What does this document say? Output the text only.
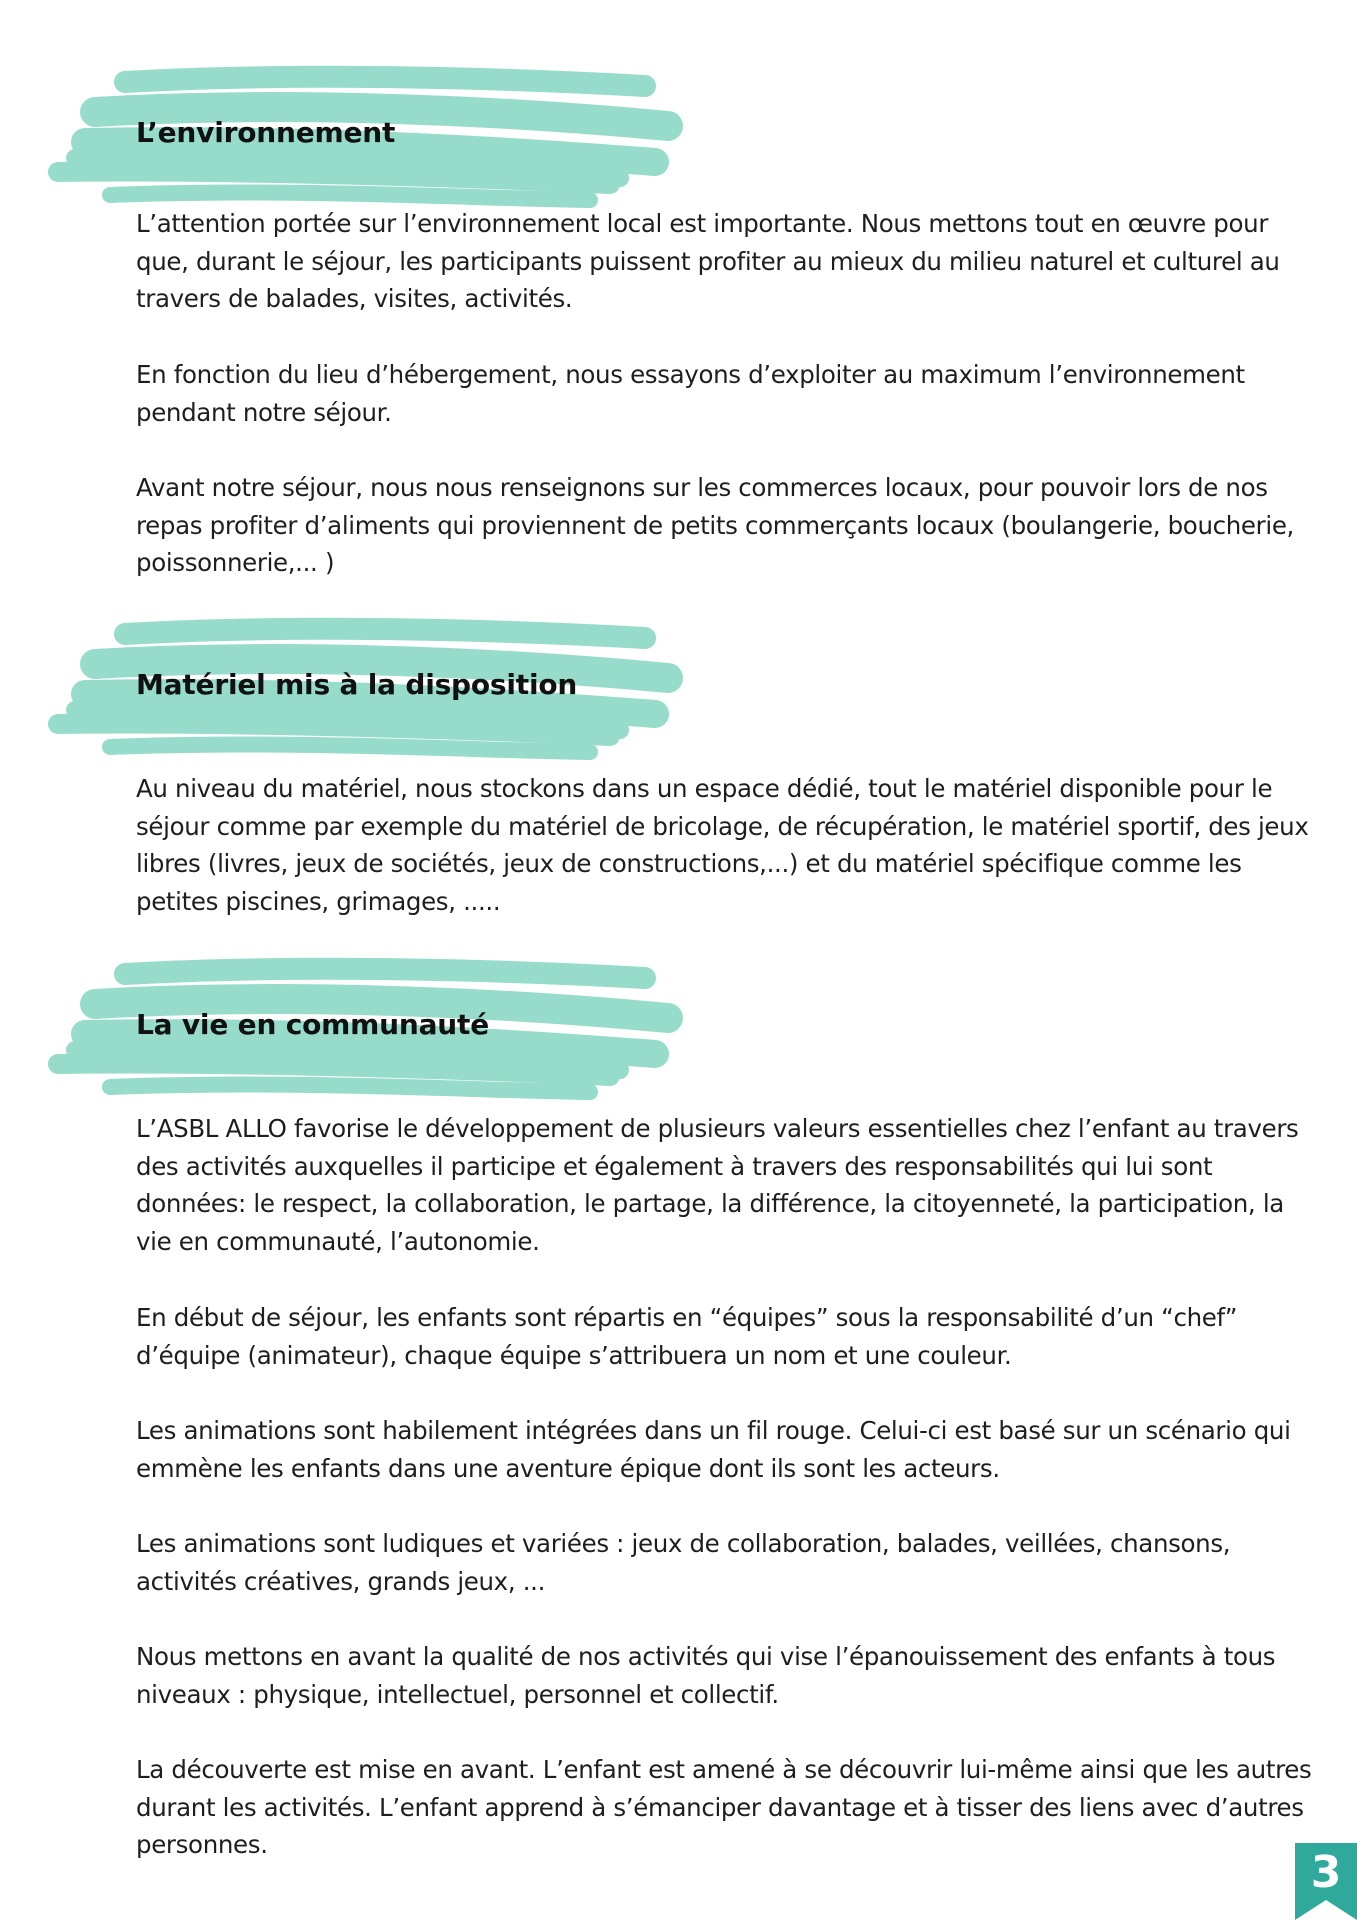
L’environnement

L’attention portée sur l’environnement local est importante. Nous mettons tout en œuvre pour que, durant le séjour, les participants puissent profiter au mieux du milieu naturel et culturel au travers de balades, visites, activités.

En fonction du lieu d’hébergement, nous essayons d’exploiter au maximum l’environnement pendant notre séjour.

Avant notre séjour, nous nous renseignons sur les commerces locaux, pour pouvoir lors de nos repas profiter d’aliments qui proviennent de petits commerçants locaux (boulangerie, boucherie, poissonnerie,... )

Matériel mis à la disposition

Au niveau du matériel, nous stockons dans un espace dédié, tout le matériel disponible pour le séjour comme par exemple du matériel de bricolage, de récupération, le matériel sportif, des jeux libres (livres, jeux de sociétés, jeux de constructions,...) et du matériel spécifique comme les petites piscines, grimages, .....

La vie en communauté

L’ASBL ALLO favorise le développement de plusieurs valeurs essentielles chez l’enfant au travers des activités auxquelles il participe et également à travers des responsabilités qui lui sont données: le respect, la collaboration, le partage, la différence, la citoyenneté, la participation, la vie en communauté, l’autonomie.

En début de séjour, les enfants sont répartis en “équipes” sous la responsabilité d’un “chef” d’équipe (animateur), chaque équipe s’attribuera un nom et une couleur.

Les animations sont habilement intégrées dans un fil rouge. Celui-ci est basé sur un scénario qui emmène les enfants dans une aventure épique dont ils sont les acteurs.

Les animations sont ludiques et variées : jeux de collaboration, balades, veillées, chansons, activités créatives, grands jeux, ...

Nous mettons en avant la qualité de nos activités qui vise l’épanouissement des enfants à tous niveaux : physique, intellectuel, personnel et collectif.

La découverte est mise en avant. L’enfant est amené à se découvrir lui-même ainsi que les autres durant les activités. L’enfant apprend à s’émanciper davantage et à tisser des liens avec d’autres personnes.

3
